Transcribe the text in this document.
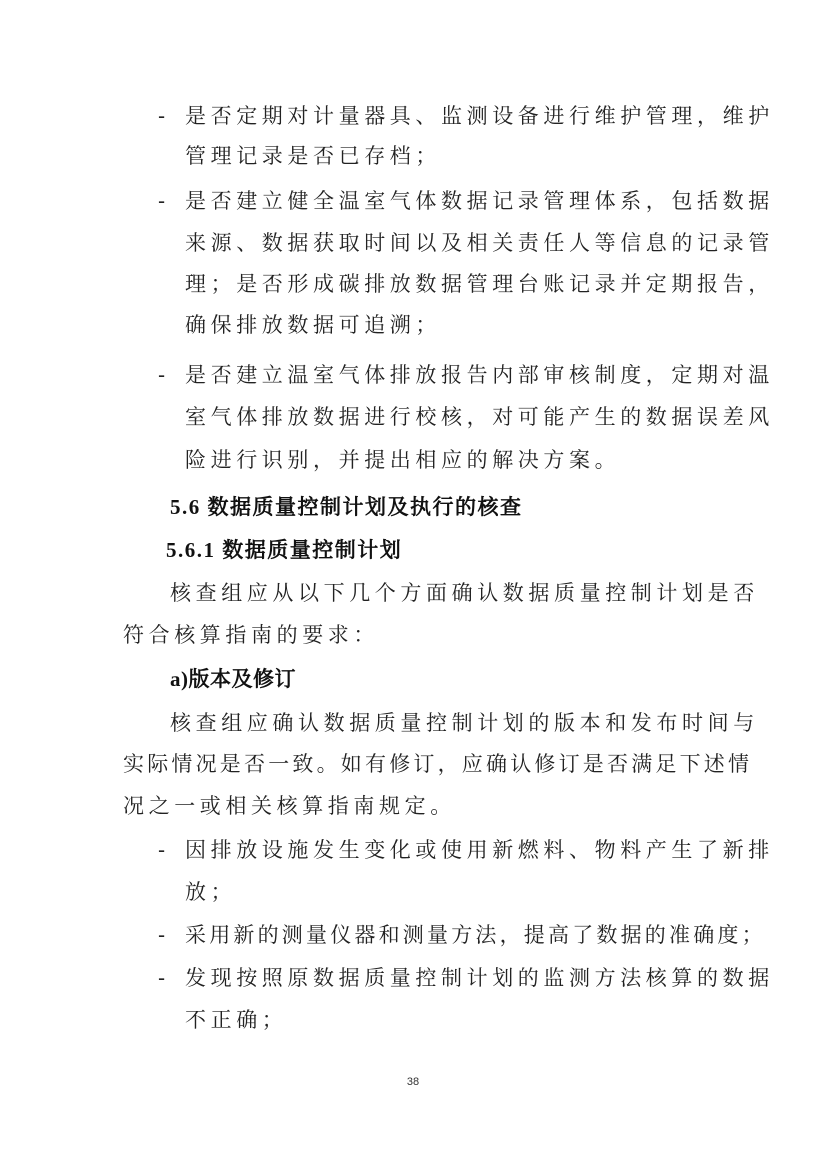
- 是否定期对计量器具、监测设备进行维护管理，维护
管理记录是否已存档；
- 是否建立健全温室气体数据记录管理体系，包括数据
来源、数据获取时间以及相关责任人等信息的记录管
理；是否形成碳排放数据管理台账记录并定期报告，
确保排放数据可追溯；
- 是否建立温室气体排放报告内部审核制度，定期对温
室气体排放数据进行校核，对可能产生的数据误差风
险进行识别，并提出相应的解决方案。
5.6 数据质量控制计划及执行的核查
5.6.1 数据质量控制计划
核查组应从以下几个方面确认数据质量控制计划是否
符合核算指南的要求：
a)版本及修订
核查组应确认数据质量控制计划的版本和发布时间与
实际情况是否一致。如有修订，应确认修订是否满足下述情
况之一或相关核算指南规定。
- 因排放设施发生变化或使用新燃料、物料产生了新排
放；
- 采用新的测量仪器和测量方法，提高了数据的准确度；
- 发现按照原数据质量控制计划的监测方法核算的数据
不正确；
38
